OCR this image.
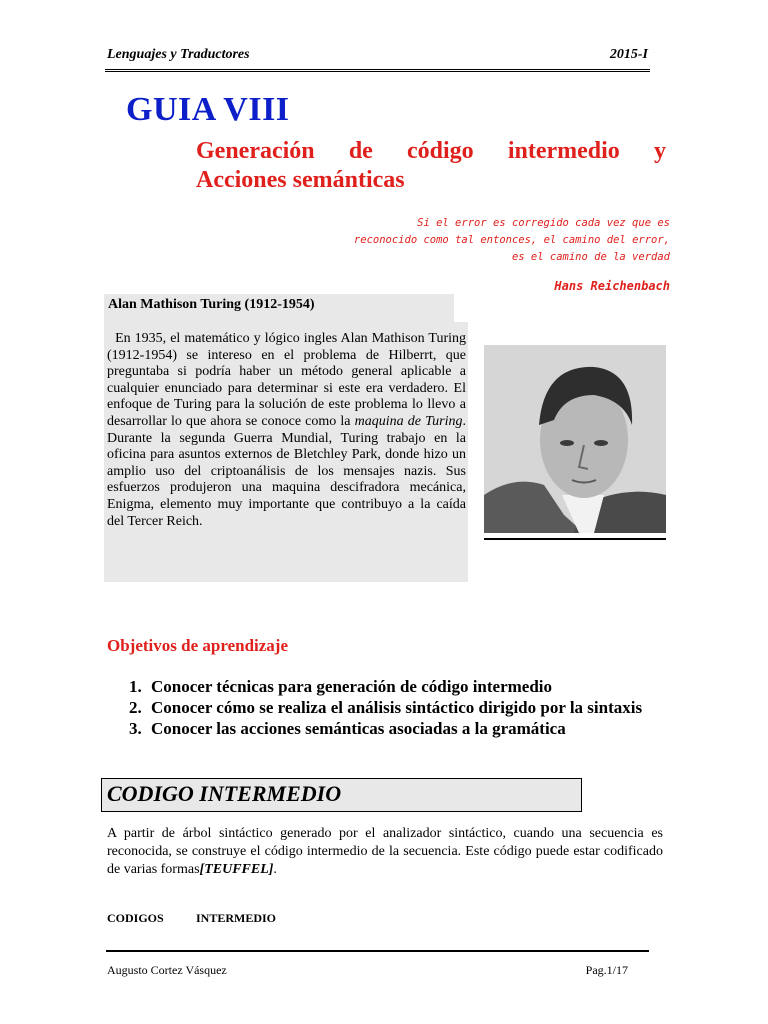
Lenguajes y Traductores	2015-I
GUIA VIII
Generación de código intermedio y
Acciones semánticas
Si el error es corregido cada vez que es
reconocido como tal entonces, el camino del error,
es el camino de la verdad
Hans Reichenbach
Alan Mathison Turing (1912-1954)
En 1935, el matemático y lógico ingles Alan Mathison Turing (1912-1954) se intereso en el problema de Hilberrt, que preguntaba si podría haber un método general aplicable a cualquier enunciado para determinar si este era verdadero. El enfoque de Turing para la solución de este problema lo llevo a desarrollar lo que ahora se conoce como la maquina de Turing. Durante la segunda Guerra Mundial, Turing trabajo en la oficina para asuntos externos de Bletchley Park, donde hizo un amplio uso del criptoanálisis de los mensajes nazis. Sus esfuerzos produjeron una maquina descifradora mecánica, Enigma, elemento muy importante que contribuyo a la caída del Tercer Reich.
Objetivos de aprendizaje
1. Conocer técnicas para generación de código intermedio
2. Conocer cómo se realiza el análisis sintáctico dirigido por la sintaxis
3. Conocer las acciones semánticas asociadas a la gramática
CODIGO INTERMEDIO
A partir de árbol sintáctico generado por el analizador sintáctico, cuando una secuencia es reconocida, se construye el código intermedio de la secuencia. Este código puede estar codificado de varias formas[TEUFFEL].
CODIGOS	INTERMEDIO
Augusto Cortez Vásquez	Pag.1/17
